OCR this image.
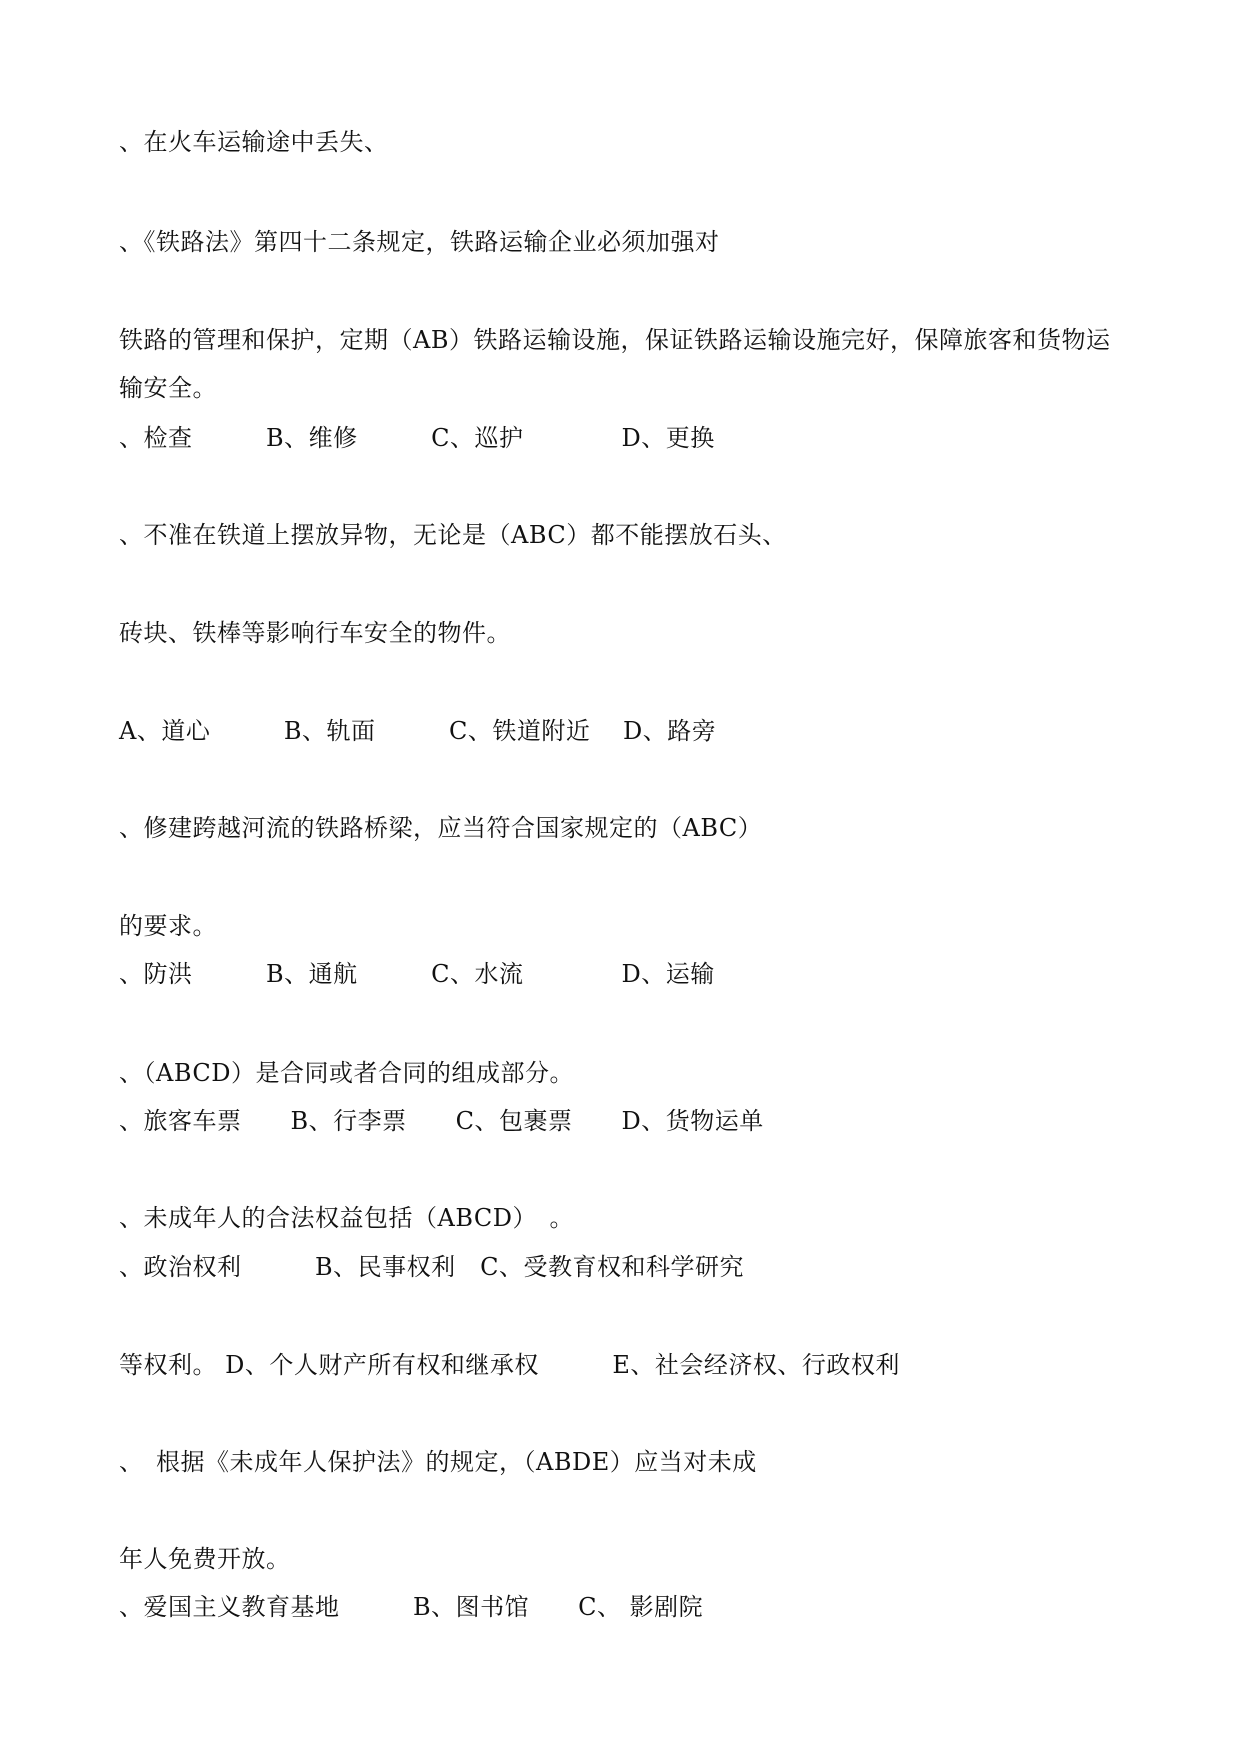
、在火车运输途中丢失、
、《铁路法》第四十二条规定，铁路运输企业必须加强对
铁路的管理和保护，定期（AB）铁路运输设施，保证铁路运输设施完好，保障旅客和货物运
输安全。
、检查　　　B、维修　　　C、巡护　　　　D、更换
、不准在铁道上摆放异物，无论是（ABC）都不能摆放石头、
砖块、铁棒等影响行车安全的物件。
A、道心　　　B、轨面　　　C、铁道附近　 D、路旁
、修建跨越河流的铁路桥梁，应当符合国家规定的（ABC）
的要求。
、防洪　　　B、通航　　　C、水流　　　　D、运输
、（ABCD）是合同或者合同的组成部分。
、旅客车票　　B、行李票　　C、包裹票　　D、货物运单
、未成年人的合法权益包括（ABCD）　。
、政治权利　　　B、民事权利　C、受教育权和科学研究
等权利。 D、个人财产所有权和继承权　　　E、社会经济权、行政权利
、　根据《未成年人保护法》的规定，（ABDE）应当对未成
年人免费开放。
、爱国主义教育基地　　　B、图书馆　　C、 影剧院
